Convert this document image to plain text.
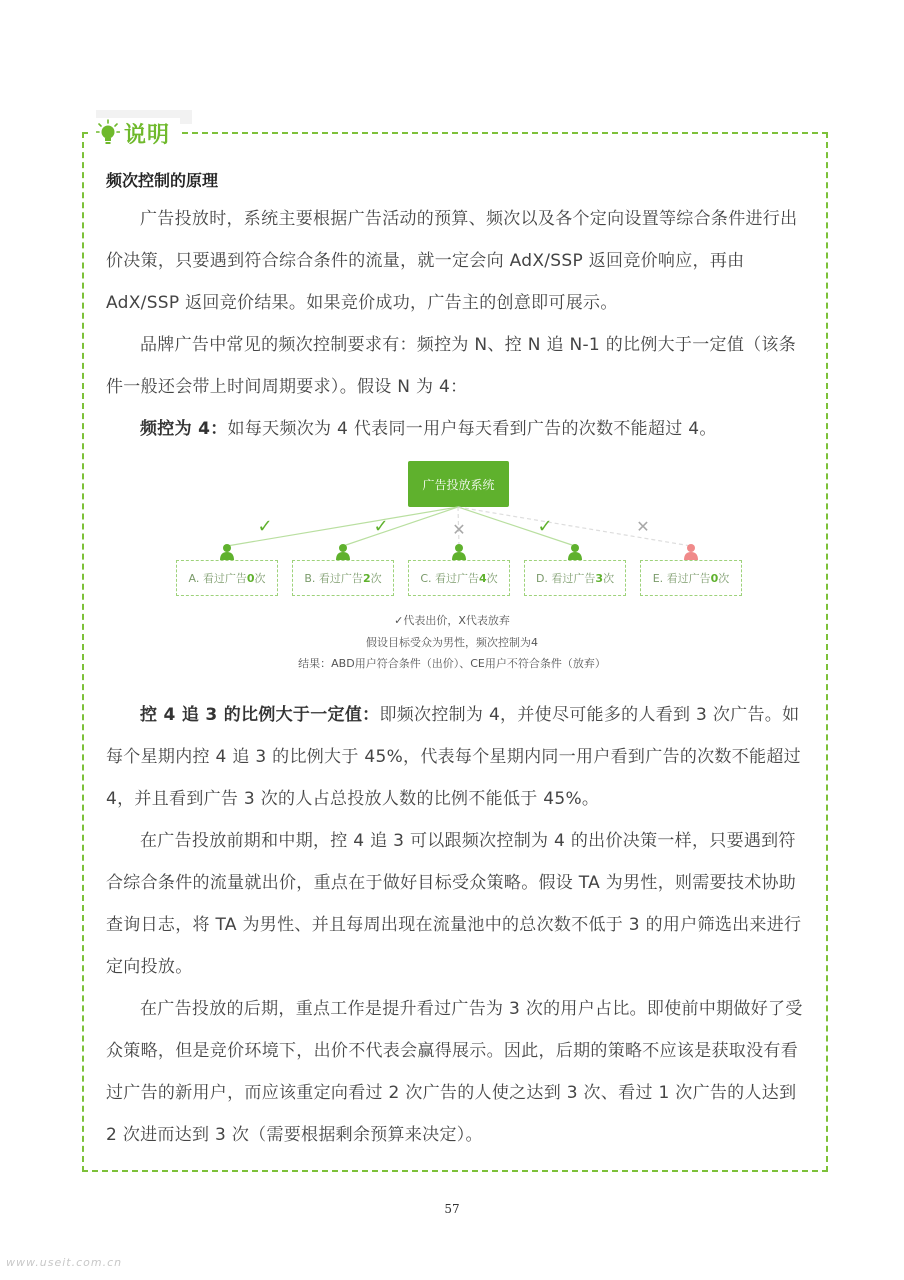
说明
频次控制的原理

广告投放时，系统主要根据广告活动的预算、频次以及各个定向设置等综合条件进行出价决策，只要遇到符合综合条件的流量，就一定会向 AdX/SSP 返回竞价响应，再由 AdX/SSP 返回竞价结果。如果竞价成功，广告主的创意即可展示。

品牌广告中常见的频次控制要求有：频控为 N、控 N 追 N-1 的比例大于一定值（该条件一般还会带上时间周期要求）。假设 N 为 4：

频控为 4：如每天频次为 4 代表同一用户每天看到广告的次数不能超过 4。

广告投放系统
✓	✓	✕	✓	✕
A. 看过广告 0 次	B. 看过广告 2 次	C. 看过广告 4 次	D. 看过广告 3 次	E. 看过广告 0 次
✓代表出价，X代表放弃
假设目标受众为男性，频次控制为4
结果：ABD用户符合条件（出价）、CE用户不符合条件（放弃）

控 4 追 3 的比例大于一定值：即频次控制为 4，并使尽可能多的人看到 3 次广告。如每个星期内控 4 追 3 的比例大于 45%，代表每个星期内同一用户看到广告的次数不能超过 4，并且看到广告 3 次的人占总投放人数的比例不能低于 45%。

在广告投放前期和中期，控 4 追 3 可以跟频次控制为 4 的出价决策一样，只要遇到符合综合条件的流量就出价，重点在于做好目标受众策略。假设 TA 为男性，则需要技术协助查询日志，将 TA 为男性、并且每周出现在流量池中的总次数不低于 3 的用户筛选出来进行定向投放。

在广告投放的后期，重点工作是提升看过广告为 3 次的用户占比。即使前中期做好了受众策略，但是竞价环境下，出价不代表会赢得展示。因此，后期的策略不应该是获取没有看过广告的新用户，而应该重定向看过 2 次广告的人使之达到 3 次、看过 1 次广告的人达到 2 次进而达到 3 次（需要根据剩余预算来决定）。

57
www.useit.com.cn
